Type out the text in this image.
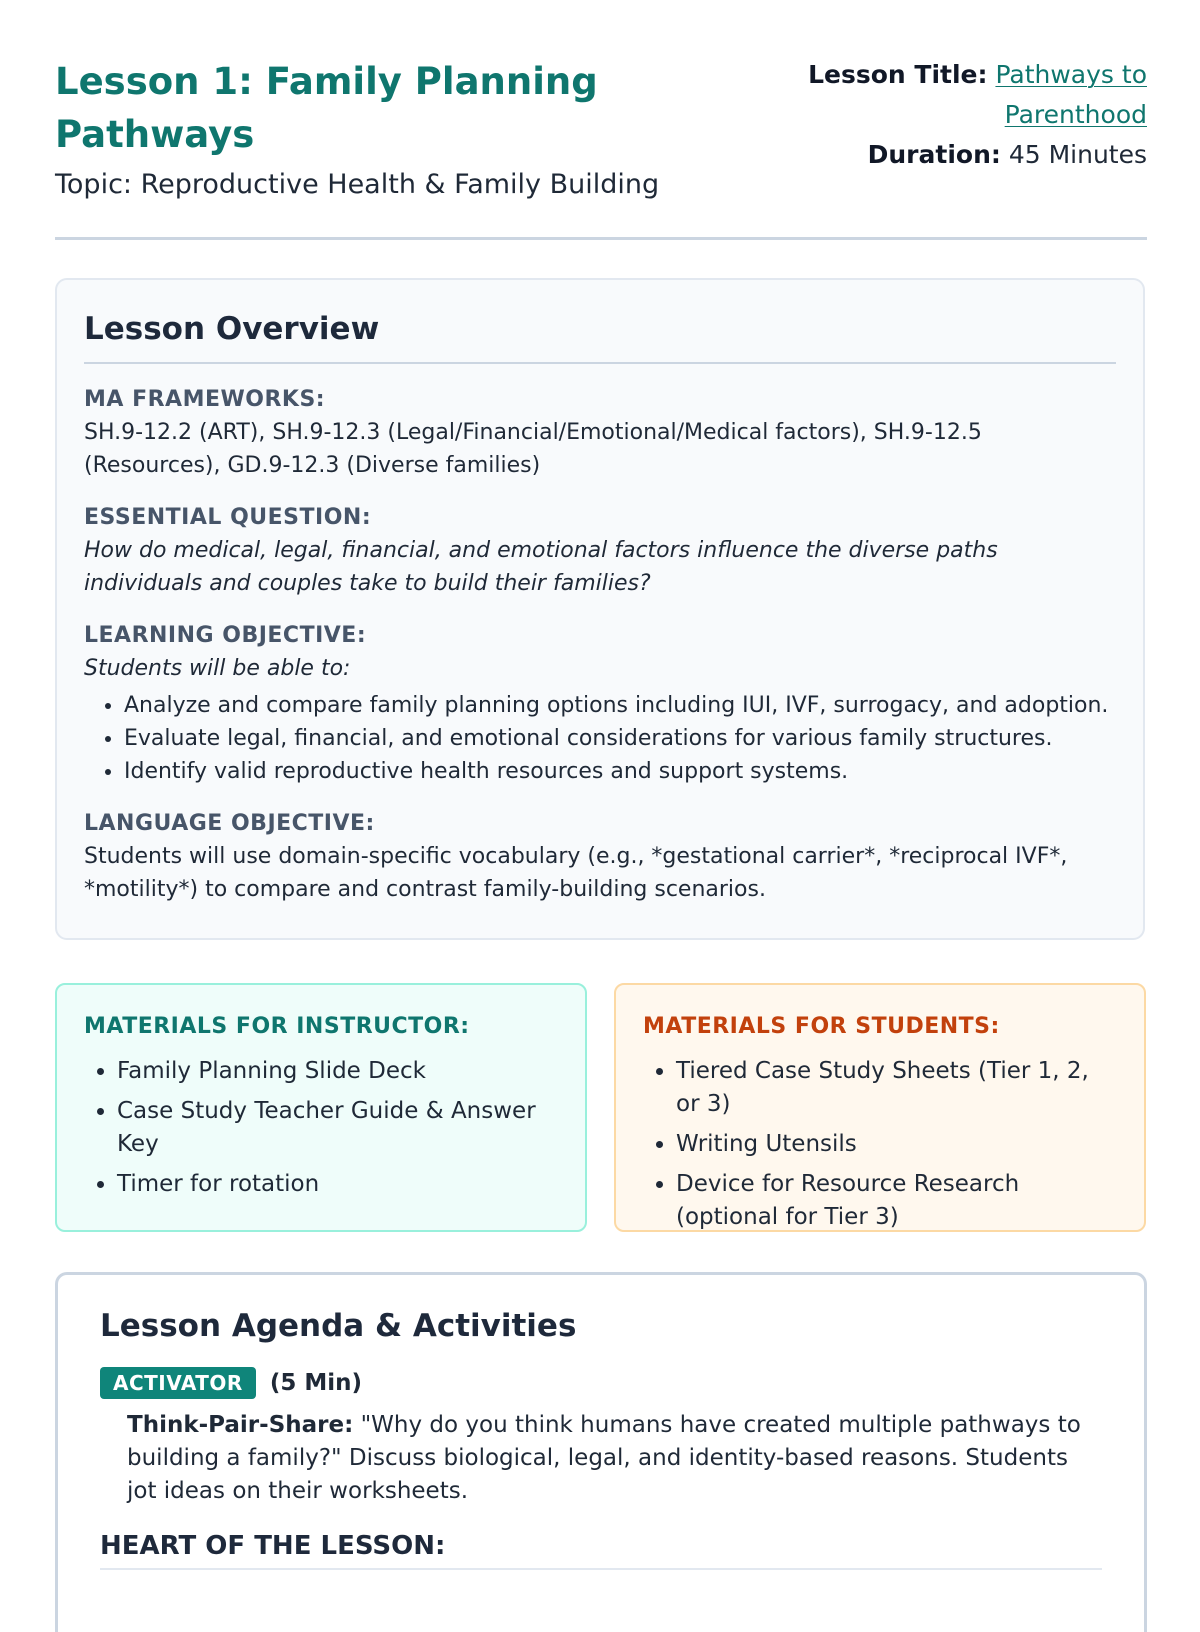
Lesson 1: Family Planning Pathways
Topic: Reproductive Health & Family Building
Lesson Title: Pathways to Parenthood
Duration: 45 Minutes
Lesson Overview
MA FRAMEWORKS:
SH.9-12.2 (ART), SH.9-12.3 (Legal/Financial/Emotional/Medical factors), SH.9-12.5 (Resources), GD.9-12.3 (Diverse families)
ESSENTIAL QUESTION:
How do medical, legal, financial, and emotional factors influence the diverse paths individuals and couples take to build their families?
LEARNING OBJECTIVE:
Students will be able to:
• Analyze and compare family planning options including IUI, IVF, surrogacy, and adoption.
• Evaluate legal, financial, and emotional considerations for various family structures.
• Identify valid reproductive health resources and support systems.
LANGUAGE OBJECTIVE:
Students will use domain-specific vocabulary (e.g., *gestational carrier*, *reciprocal IVF*, *motility*) to compare and contrast family-building scenarios.
MATERIALS FOR INSTRUCTOR:
• Family Planning Slide Deck
• Case Study Teacher Guide & Answer Key
• Timer for rotation
MATERIALS FOR STUDENTS:
• Tiered Case Study Sheets (Tier 1, 2, or 3)
• Writing Utensils
• Device for Resource Research (optional for Tier 3)
Lesson Agenda & Activities
ACTIVATOR	(5 Min)
Think-Pair-Share: "Why do you think humans have created multiple pathways to building a family?" Discuss biological, legal, and identity-based reasons. Students jot ideas on their worksheets.
HEART OF THE LESSON:
